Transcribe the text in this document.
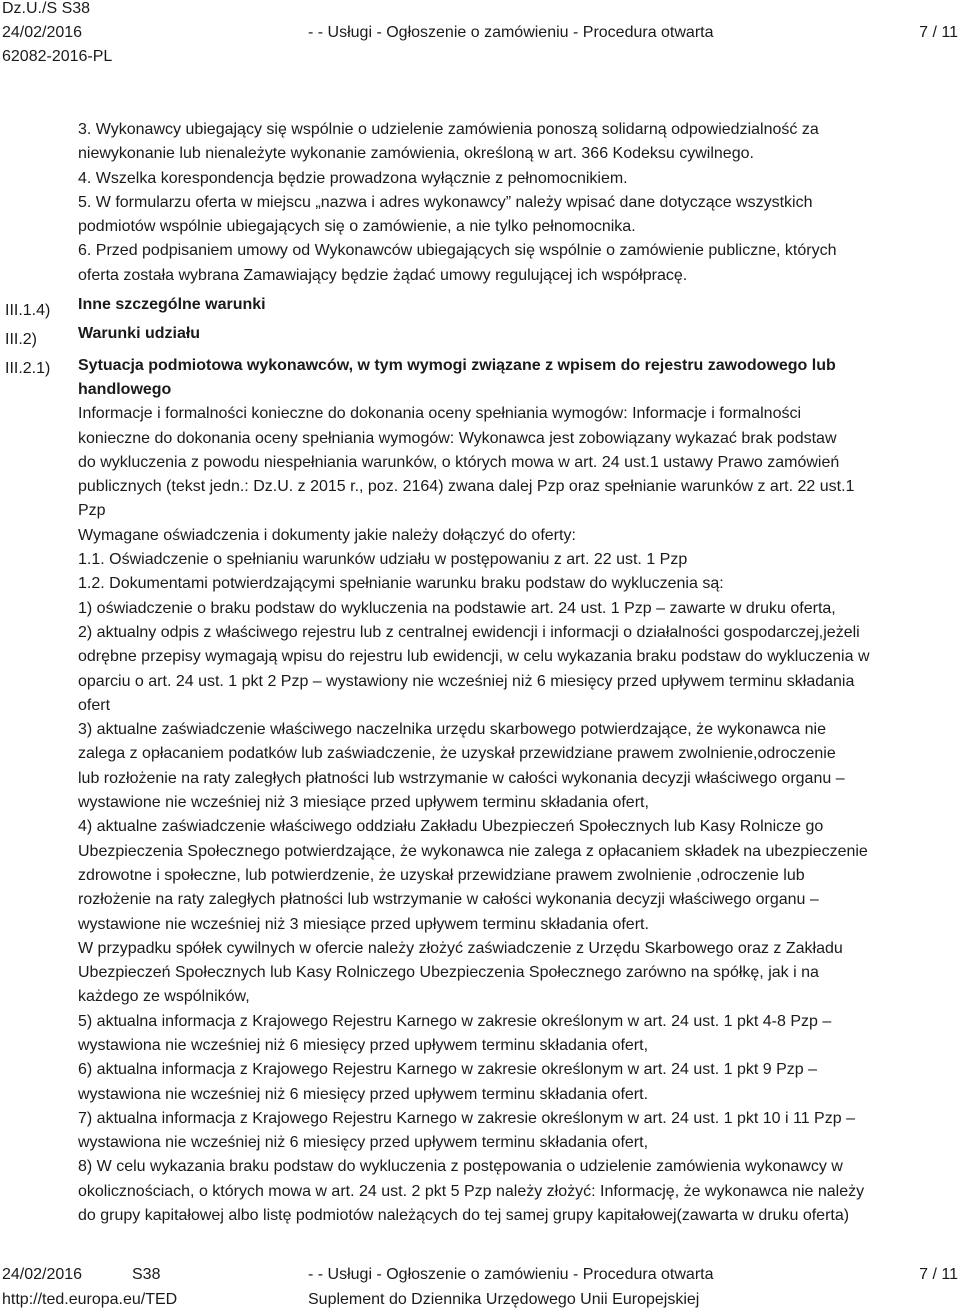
Dz.U./S S38
24/02/2016	- - Usługi - Ogłoszenie o zamówieniu - Procedura otwarta	7 / 11
62082-2016-PL
III.1.4)
III.2)
III.2.1)
3. Wykonawcy ubiegający się wspólnie o udzielenie zamówienia ponoszą solidarną odpowiedzialność za
niewykonanie lub nienależyte wykonanie zamówienia, określoną w art. 366 Kodeksu cywilnego.
4. Wszelka korespondencja będzie prowadzona wyłącznie z pełnomocnikiem.
5. W formularzu oferta w miejscu „nazwa i adres wykonawcy” należy wpisać dane dotyczące wszystkich
podmiotów wspólnie ubiegających się o zamówienie, a nie tylko pełnomocnika.
6. Przed podpisaniem umowy od Wykonawców ubiegających się wspólnie o zamówienie publiczne, których
oferta została wybrana Zamawiający będzie żądać umowy regulującej ich współpracę.
Inne szczególne warunki
Warunki udziału
Sytuacja podmiotowa wykonawców, w tym wymogi związane z wpisem do rejestru zawodowego lub
handlowego
Informacje i formalności konieczne do dokonania oceny spełniania wymogów: Informacje i formalności
konieczne do dokonania oceny spełniania wymogów: Wykonawca jest zobowiązany wykazać brak podstaw
do wykluczenia z powodu niespełniania warunków, o których mowa w art. 24 ust.1 ustawy Prawo zamówień
publicznych (tekst jedn.: Dz.U. z 2015 r., poz. 2164) zwana dalej Pzp oraz spełnianie warunków z art. 22 ust.1
Pzp
Wymagane oświadczenia i dokumenty jakie należy dołączyć do oferty:
1.1. Oświadczenie o spełnianiu warunków udziału w postępowaniu z art. 22 ust. 1 Pzp
1.2. Dokumentami potwierdzającymi spełnianie warunku braku podstaw do wykluczenia są:
1) oświadczenie o braku podstaw do wykluczenia na podstawie art. 24 ust. 1 Pzp – zawarte w druku oferta,
2) aktualny odpis z właściwego rejestru lub z centralnej ewidencji i informacji o działalności gospodarczej,jeżeli
odrębne przepisy wymagają wpisu do rejestru lub ewidencji, w celu wykazania braku podstaw do wykluczenia w
oparciu o art. 24 ust. 1 pkt 2 Pzp – wystawiony nie wcześniej niż 6 miesięcy przed upływem terminu składania
ofert
3) aktualne zaświadczenie właściwego naczelnika urzędu skarbowego potwierdzające, że wykonawca nie
zalega z opłacaniem podatków lub zaświadczenie, że uzyskał przewidziane prawem zwolnienie,odroczenie
lub rozłożenie na raty zaległych płatności lub wstrzymanie w całości wykonania decyzji właściwego organu –
wystawione nie wcześniej niż 3 miesiące przed upływem terminu składania ofert,
4) aktualne zaświadczenie właściwego oddziału Zakładu Ubezpieczeń Społecznych lub Kasy Rolnicze go
Ubezpieczenia Społecznego potwierdzające, że wykonawca nie zalega z opłacaniem składek na ubezpieczenie
zdrowotne i społeczne, lub potwierdzenie, że uzyskał przewidziane prawem zwolnienie ,odroczenie lub
rozłożenie na raty zaległych płatności lub wstrzymanie w całości wykonania decyzji właściwego organu –
wystawione nie wcześniej niż 3 miesiące przed upływem terminu składania ofert.
W przypadku spółek cywilnych w ofercie należy złożyć zaświadczenie z Urzędu Skarbowego oraz z Zakładu
Ubezpieczeń Społecznych lub Kasy Rolniczego Ubezpieczenia Społecznego zarówno na spółkę, jak i na
każdego ze wspólników,
5) aktualna informacja z Krajowego Rejestru Karnego w zakresie określonym w art. 24 ust. 1 pkt 4-8 Pzp –
wystawiona nie wcześniej niż 6 miesięcy przed upływem terminu składania ofert,
6) aktualna informacja z Krajowego Rejestru Karnego w zakresie określonym w art. 24 ust. 1 pkt 9 Pzp –
wystawiona nie wcześniej niż 6 miesięcy przed upływem terminu składania ofert.
7) aktualna informacja z Krajowego Rejestru Karnego w zakresie określonym w art. 24 ust. 1 pkt 10 i 11 Pzp –
wystawiona nie wcześniej niż 6 miesięcy przed upływem terminu składania ofert,
8) W celu wykazania braku podstaw do wykluczenia z postępowania o udzielenie zamówienia wykonawcy w
okolicznościach, o których mowa w art. 24 ust. 2 pkt 5 Pzp należy złożyć: Informację, że wykonawca nie należy
do grupy kapitałowej albo listę podmiotów należących do tej samej grupy kapitałowej(zawarta w druku oferta)
24/02/2016	S38	- - Usługi - Ogłoszenie o zamówieniu - Procedura otwarta	7 / 11
http://ted.europa.eu/TED	Suplement do Dziennika Urzędowego Unii Europejskiej
